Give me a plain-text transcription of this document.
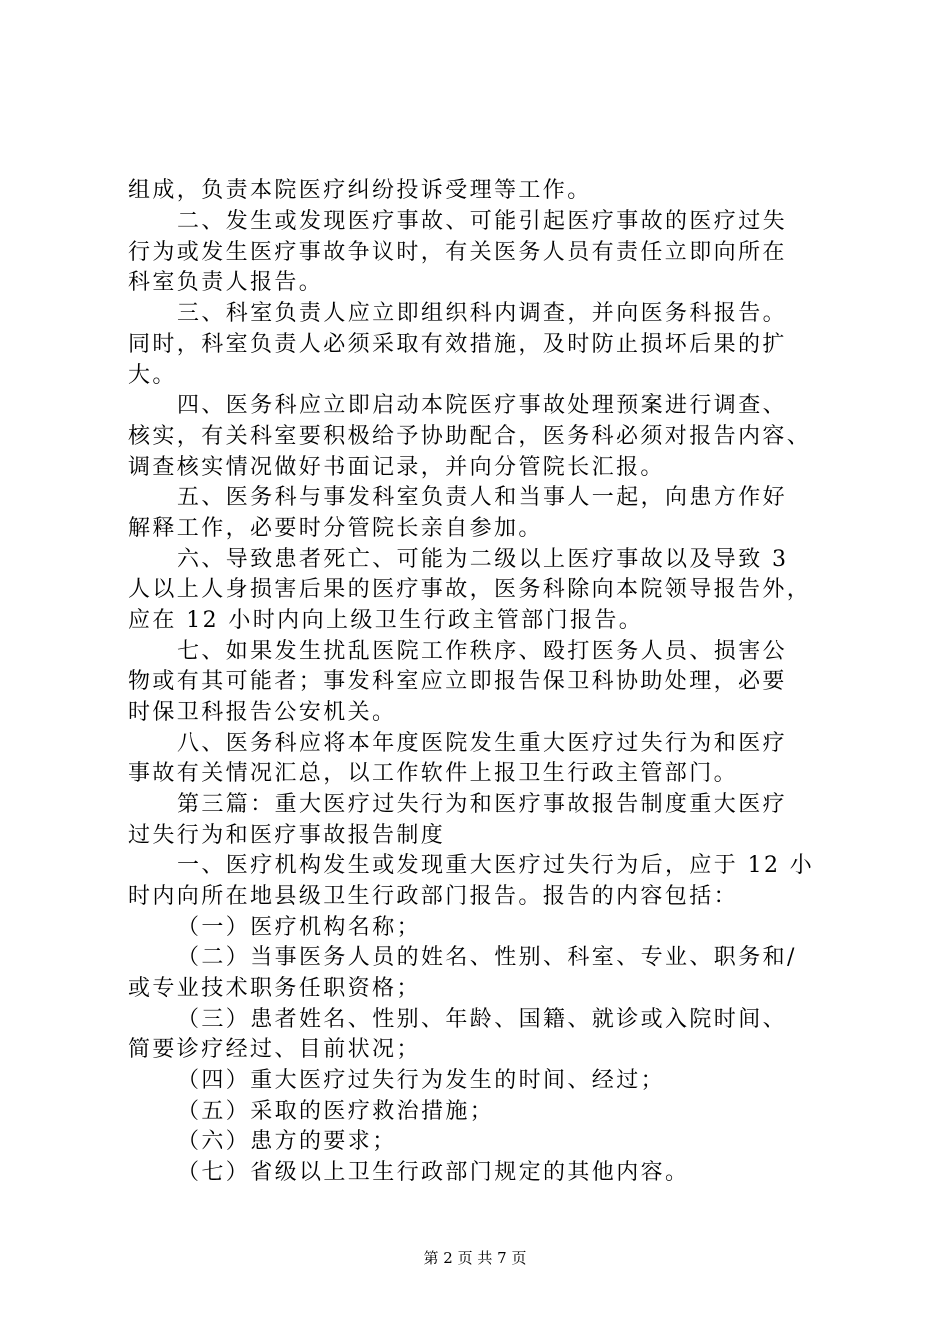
组成，负责本院医疗纠纷投诉受理等工作。
二、发生或发现医疗事故、可能引起医疗事故的医疗过失
行为或发生医疗事故争议时，有关医务人员有责任立即向所在
科室负责人报告。
三、科室负责人应立即组织科内调查，并向医务科报告。
同时，科室负责人必须采取有效措施，及时防止损坏后果的扩
大。
四、医务科应立即启动本院医疗事故处理预案进行调查、
核实，有关科室要积极给予协助配合，医务科必须对报告内容、
调查核实情况做好书面记录，并向分管院长汇报。
五、医务科与事发科室负责人和当事人一起，向患方作好
解释工作，必要时分管院长亲自参加。
六、导致患者死亡、可能为二级以上医疗事故以及导致 3
人以上人身损害后果的医疗事故，医务科除向本院领导报告外，
应在 12 小时内向上级卫生行政主管部门报告。
七、如果发生扰乱医院工作秩序、殴打医务人员、损害公
物或有其可能者；事发科室应立即报告保卫科协助处理，必要
时保卫科报告公安机关。
八、医务科应将本年度医院发生重大医疗过失行为和医疗
事故有关情况汇总，以工作软件上报卫生行政主管部门。
第三篇：重大医疗过失行为和医疗事故报告制度重大医疗
过失行为和医疗事故报告制度
一、医疗机构发生或发现重大医疗过失行为后，应于 12 小
时内向所在地县级卫生行政部门报告。报告的内容包括：
（一）医疗机构名称；
（二）当事医务人员的姓名、性别、科室、专业、职务和/
或专业技术职务任职资格；
（三）患者姓名、性别、年龄、国籍、就诊或入院时间、
简要诊疗经过、目前状况；
（四）重大医疗过失行为发生的时间、经过；
（五）采取的医疗救治措施；
（六）患方的要求；
（七）省级以上卫生行政部门规定的其他内容。
第 2 页 共 7 页
